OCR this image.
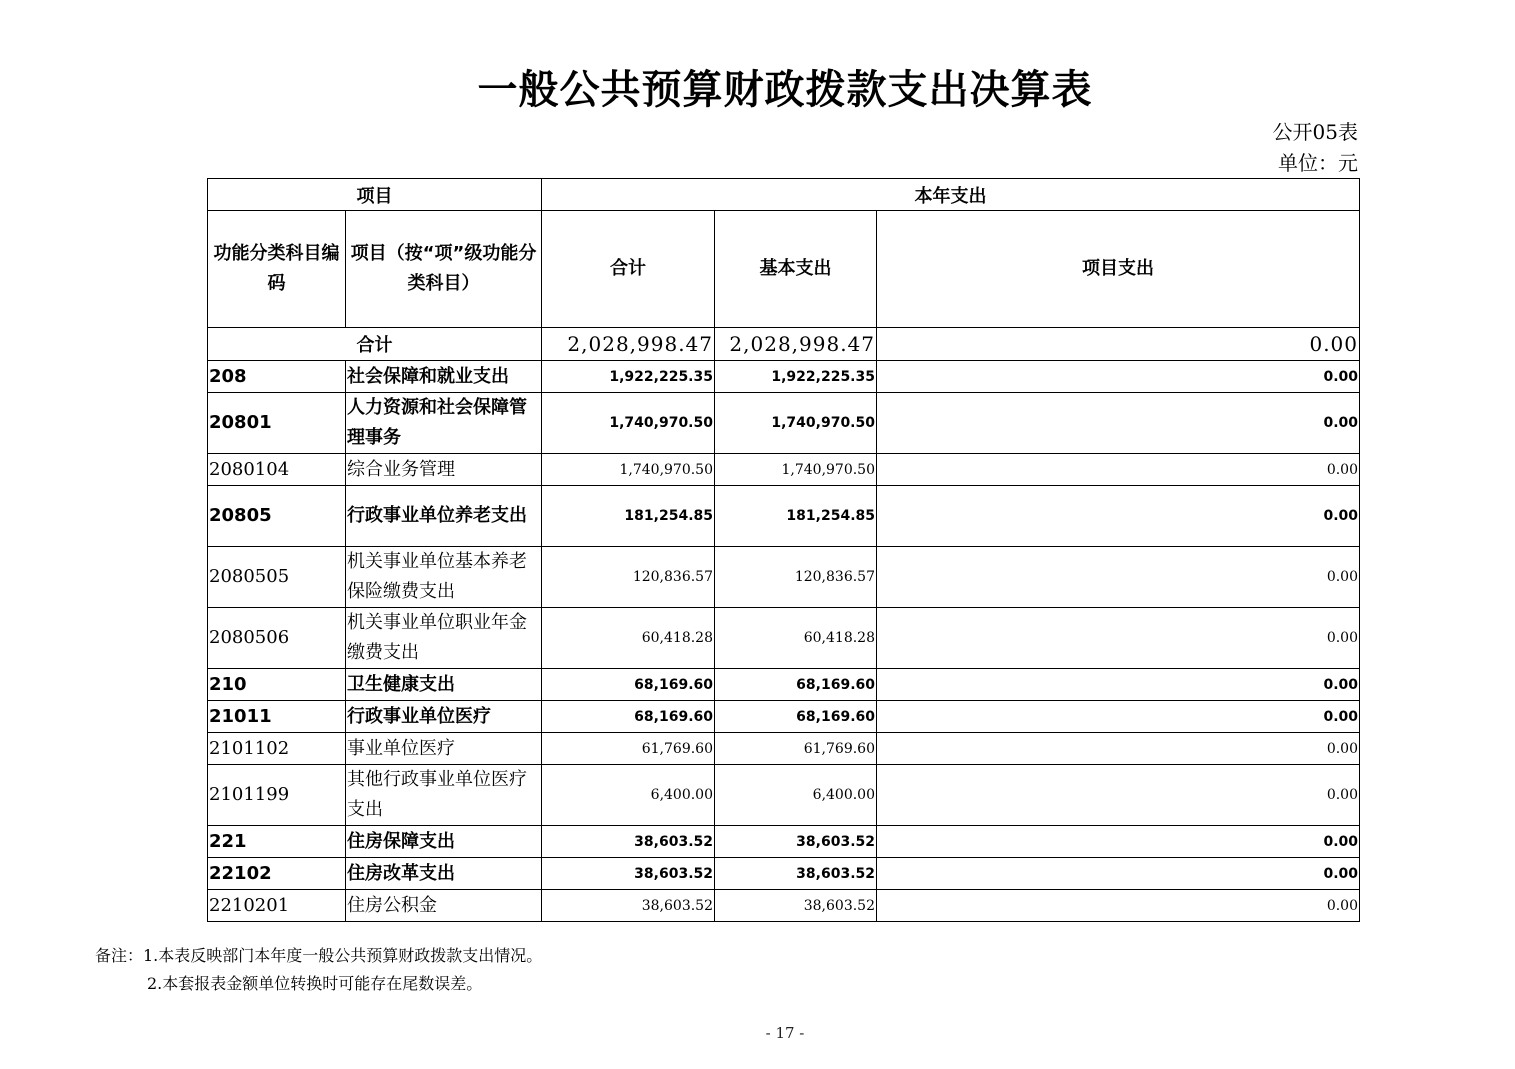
一般公共预算财政拨款支出决算表
公开05表
单位：元
项目		本年支出		
功能分类科目编码	项目（按“项”级功能分类科目）	合计	基本支出	项目支出
合计		2,028,998.47	2,028,998.47	0.00
208	社会保障和就业支出	1,922,225.35	1,922,225.35	0.00
20801	人力资源和社会保障管理事务	1,740,970.50	1,740,970.50	0.00
2080104	综合业务管理	1,740,970.50	1,740,970.50	0.00
20805	行政事业单位养老支出	181,254.85	181,254.85	0.00
2080505	机关事业单位基本养老保险缴费支出	120,836.57	120,836.57	0.00
2080506	机关事业单位职业年金缴费支出	60,418.28	60,418.28	0.00
210	卫生健康支出	68,169.60	68,169.60	0.00
21011	行政事业单位医疗	68,169.60	68,169.60	0.00
2101102	事业单位医疗	61,769.60	61,769.60	0.00
2101199	其他行政事业单位医疗支出	6,400.00	6,400.00	0.00
221	住房保障支出	38,603.52	38,603.52	0.00
22102	住房改革支出	38,603.52	38,603.52	0.00
2210201	住房公积金	38,603.52	38,603.52	0.00
备注：1.本表反映部门本年度一般公共预算财政拨款支出情况。
2.本套报表金额单位转换时可能存在尾数误差。
- 17 -
